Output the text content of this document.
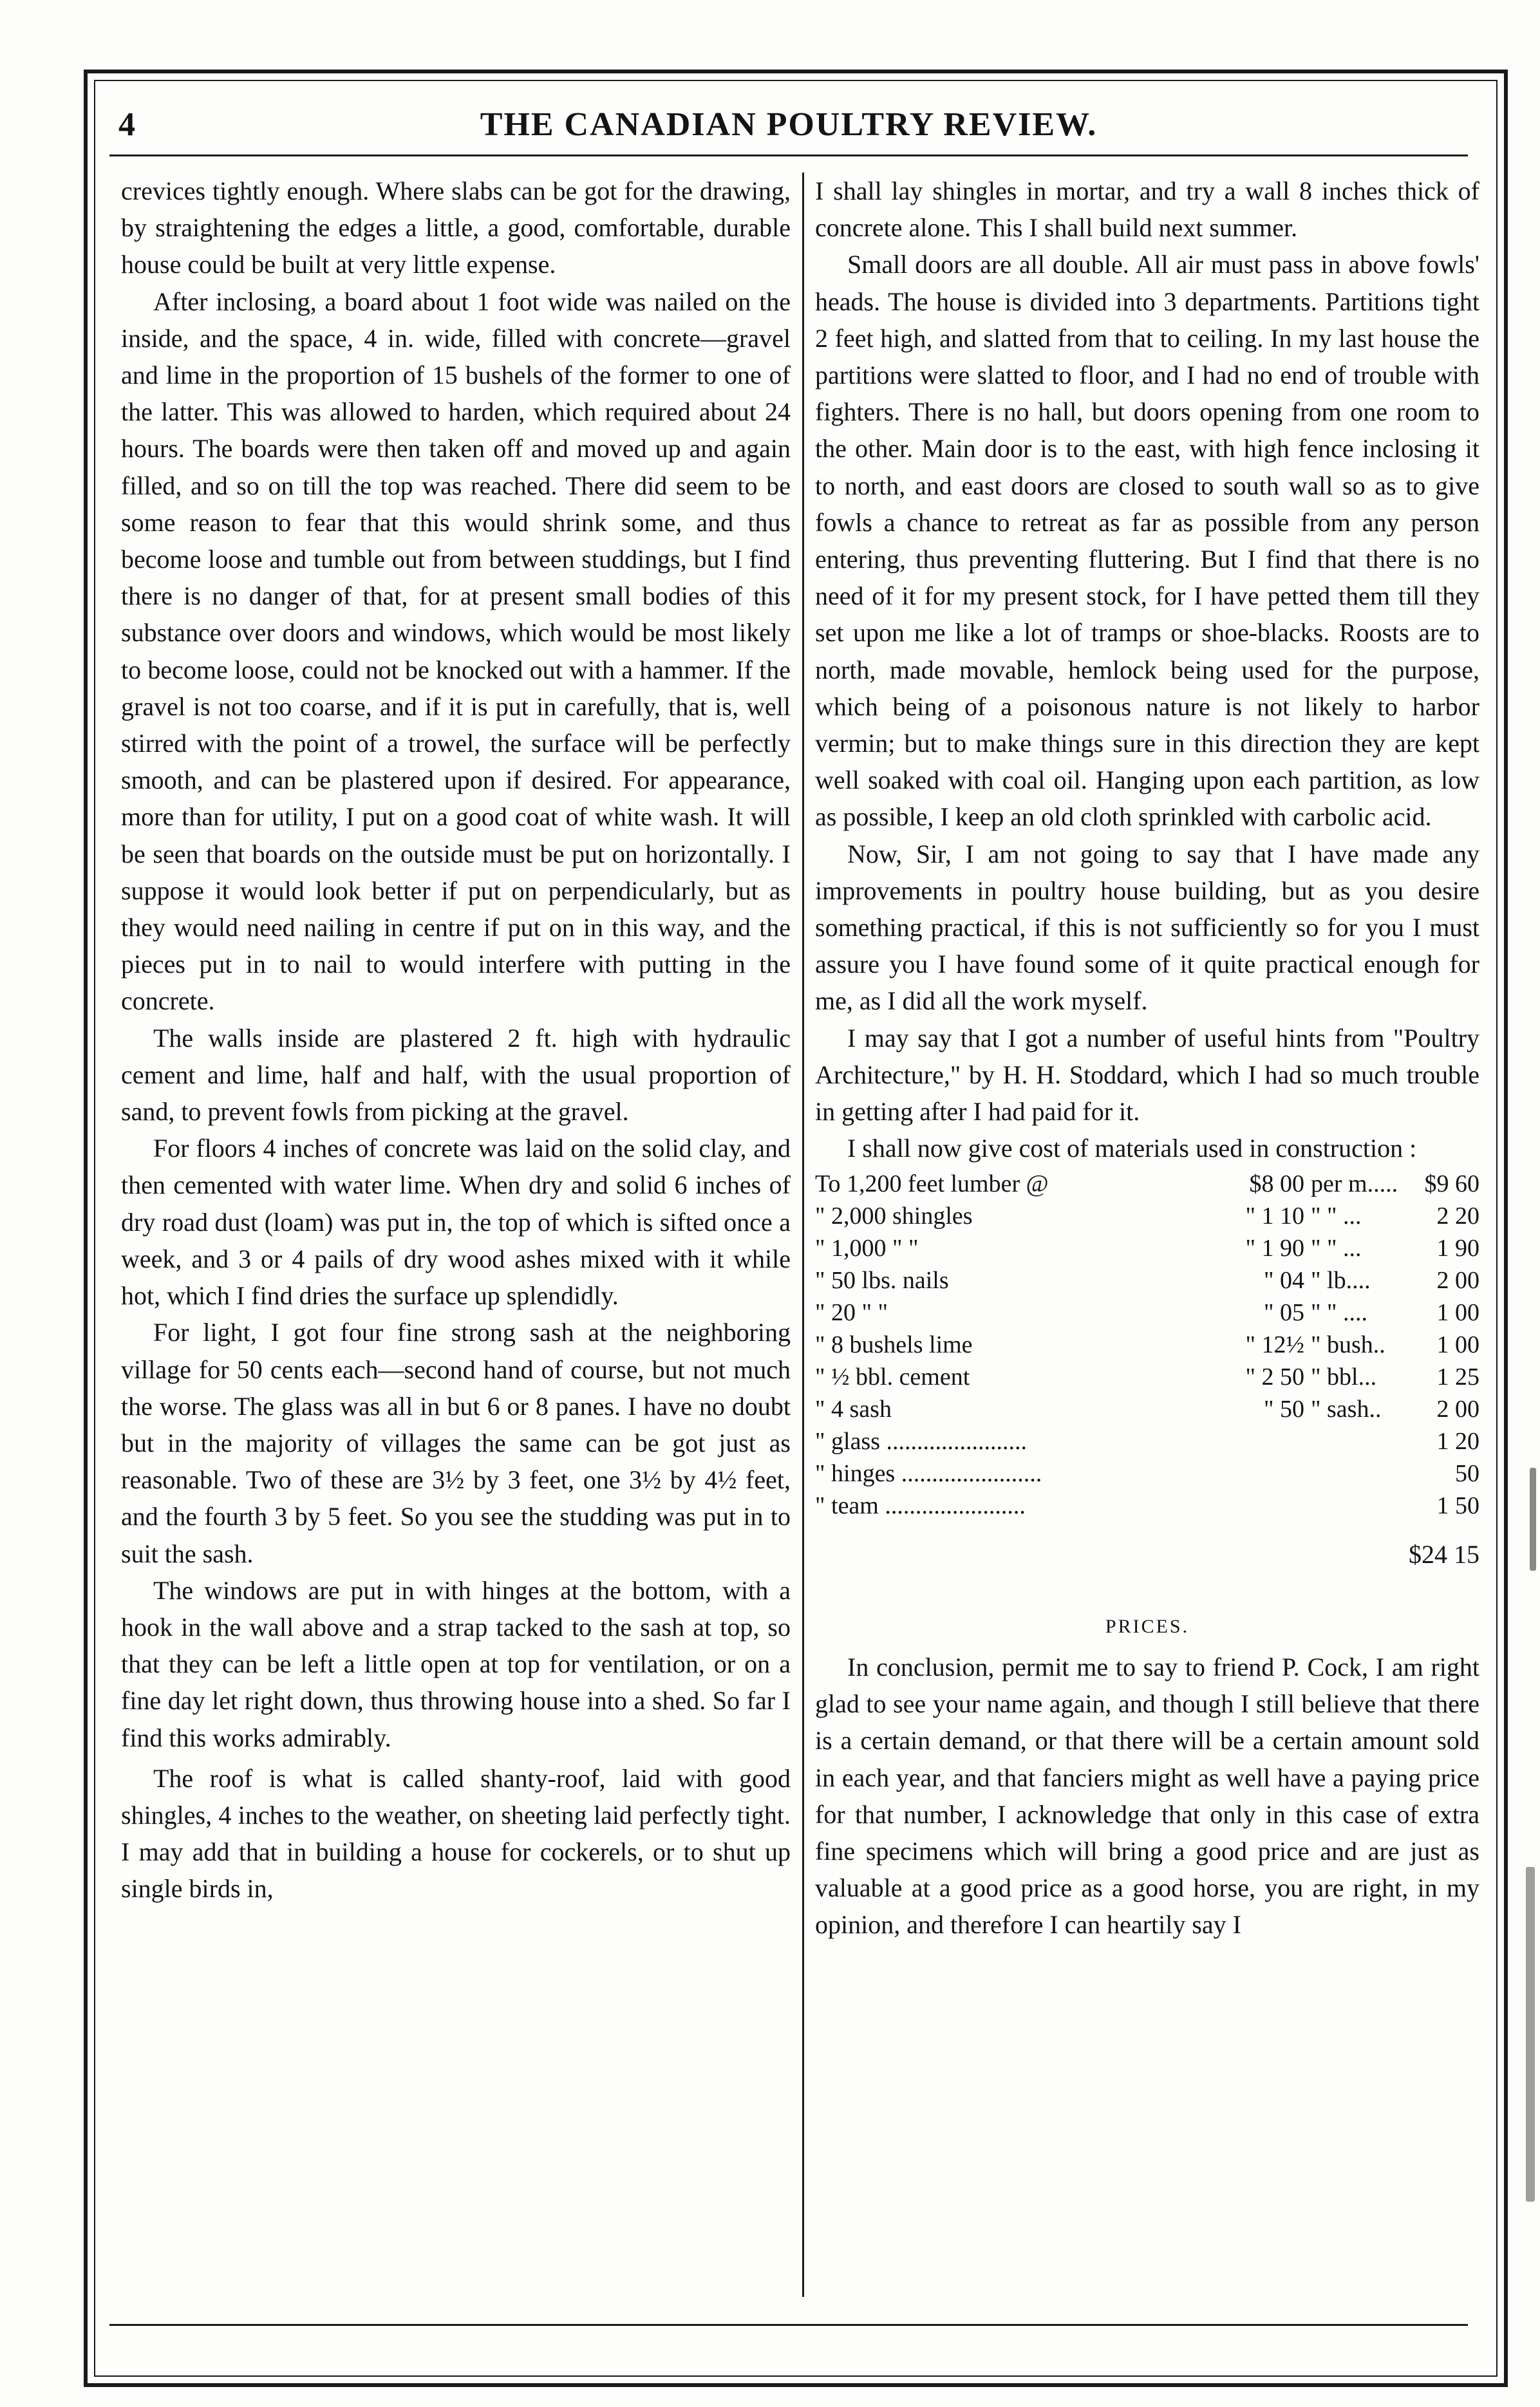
4	THE CANADIAN POULTRY REVIEW.

crevices tightly enough. Where slabs can be got for the drawing, by straightening the edges a little, a good, comfortable, durable house could be built at very little expense.

After inclosing, a board about 1 foot wide was nailed on the inside, and the space, 4 in. wide, filled with concrete—gravel and lime in the proportion of 15 bushels of the former to one of the latter. This was allowed to harden, which required about 24 hours. The boards were then taken off and moved up and again filled, and so on till the top was reached. There did seem to be some reason to fear that this would shrink some, and thus become loose and tumble out from between studdings, but I find there is no danger of that, for at present small bodies of this substance over doors and windows, which would be most likely to become loose, could not be knocked out with a hammer. If the gravel is not too coarse, and if it is put in carefully, that is, well stirred with the point of a trowel, the surface will be perfectly smooth, and can be plastered upon if desired. For appearance, more than for utility, I put on a good coat of white wash. It will be seen that boards on the outside must be put on horizontally. I suppose it would look better if put on perpendicularly, but as they would need nailing in centre if put on in this way, and the pieces put in to nail to would interfere with putting in the concrete.

The walls inside are plastered 2 ft. high with hydraulic cement and lime, half and half, with the usual proportion of sand, to prevent fowls from picking at the gravel.

For floors 4 inches of concrete was laid on the solid clay, and then cemented with water lime. When dry and solid 6 inches of dry road dust (loam) was put in, the top of which is sifted once a week, and 3 or 4 pails of dry wood ashes mixed with it while hot, which I find dries the surface up splendidly.

For light, I got four fine strong sash at the neighboring village for 50 cents each—second hand of course, but not much the worse. The glass was all in but 6 or 8 panes. I have no doubt but in the majority of villages the same can be got just as reasonable. Two of these are 3½ by 3 feet, one 3½ by 4½ feet, and the fourth 3 by 5 feet. So you see the studding was put in to suit the sash.

The windows are put in with hinges at the bottom, with a hook in the wall above and a strap tacked to the sash at top, so that they can be left a little open at top for ventilation, or on a fine day let right down, thus throwing house into a shed. So far I find this works admirably.

The roof is what is called shanty-roof, laid with good shingles, 4 inches to the weather, on sheeting laid perfectly tight. I may add that in building a house for cockerels, or to shut up single birds in,

I shall lay shingles in mortar, and try a wall 8 inches thick of concrete alone. This I shall build next summer.

Small doors are all double. All air must pass in above fowls' heads. The house is divided into 3 departments. Partitions tight 2 feet high, and slatted from that to ceiling. In my last house the partitions were slatted to floor, and I had no end of trouble with fighters. There is no hall, but doors opening from one room to the other. Main door is to the east, with high fence inclosing it to north, and east doors are closed to south wall so as to give fowls a chance to retreat as far as possible from any person entering, thus preventing fluttering. But I find that there is no need of it for my present stock, for I have petted them till they set upon me like a lot of tramps or shoe-blacks. Roosts are to north, made movable, hemlock being used for the purpose, which being of a poisonous nature is not likely to harbor vermin; but to make things sure in this direction they are kept well soaked with coal oil. Hanging upon each partition, as low as possible, I keep an old cloth sprinkled with carbolic acid.

Now, Sir, I am not going to say that I have made any improvements in poultry house building, but as you desire something practical, if this is not sufficiently so for you I must assure you I have found some of it quite practical enough for me, as I did all the work myself.

I may say that I got a number of useful hints from "Poultry Architecture," by H. H. Stoddard, which I had so much trouble in getting after I had paid for it.

I shall now give cost of materials used in construction :

To 1,200 feet lumber @	$8 00	per m.....	$9 60
" 2,000 shingles	" 1 10	" " ...	2 20
" 1,000 " "	" 1 90	" " ...	1 90
" 50 lbs. nails	" 04	" lb....	2 00
" 20 " "	" 05	" " ....	1 00
" 8 bushels lime	" 12½	" bush..	1 00
" ½ bbl. cement	" 2 50	" bbl...	1 25
" 4 sash	" 50	" sash..	2 00
" glass .......................			1 20
" hinges .......................			50
" team .......................			1 50
$24 15
PRICES.

In conclusion, permit me to say to friend P. Cock, I am right glad to see your name again, and though I still believe that there is a certain demand, or that there will be a certain amount sold in each year, and that fanciers might as well have a paying price for that number, I acknowledge that only in this case of extra fine specimens which will bring a good price and are just as valuable at a good price as a good horse, you are right, in my opinion, and therefore I can heartily say I
